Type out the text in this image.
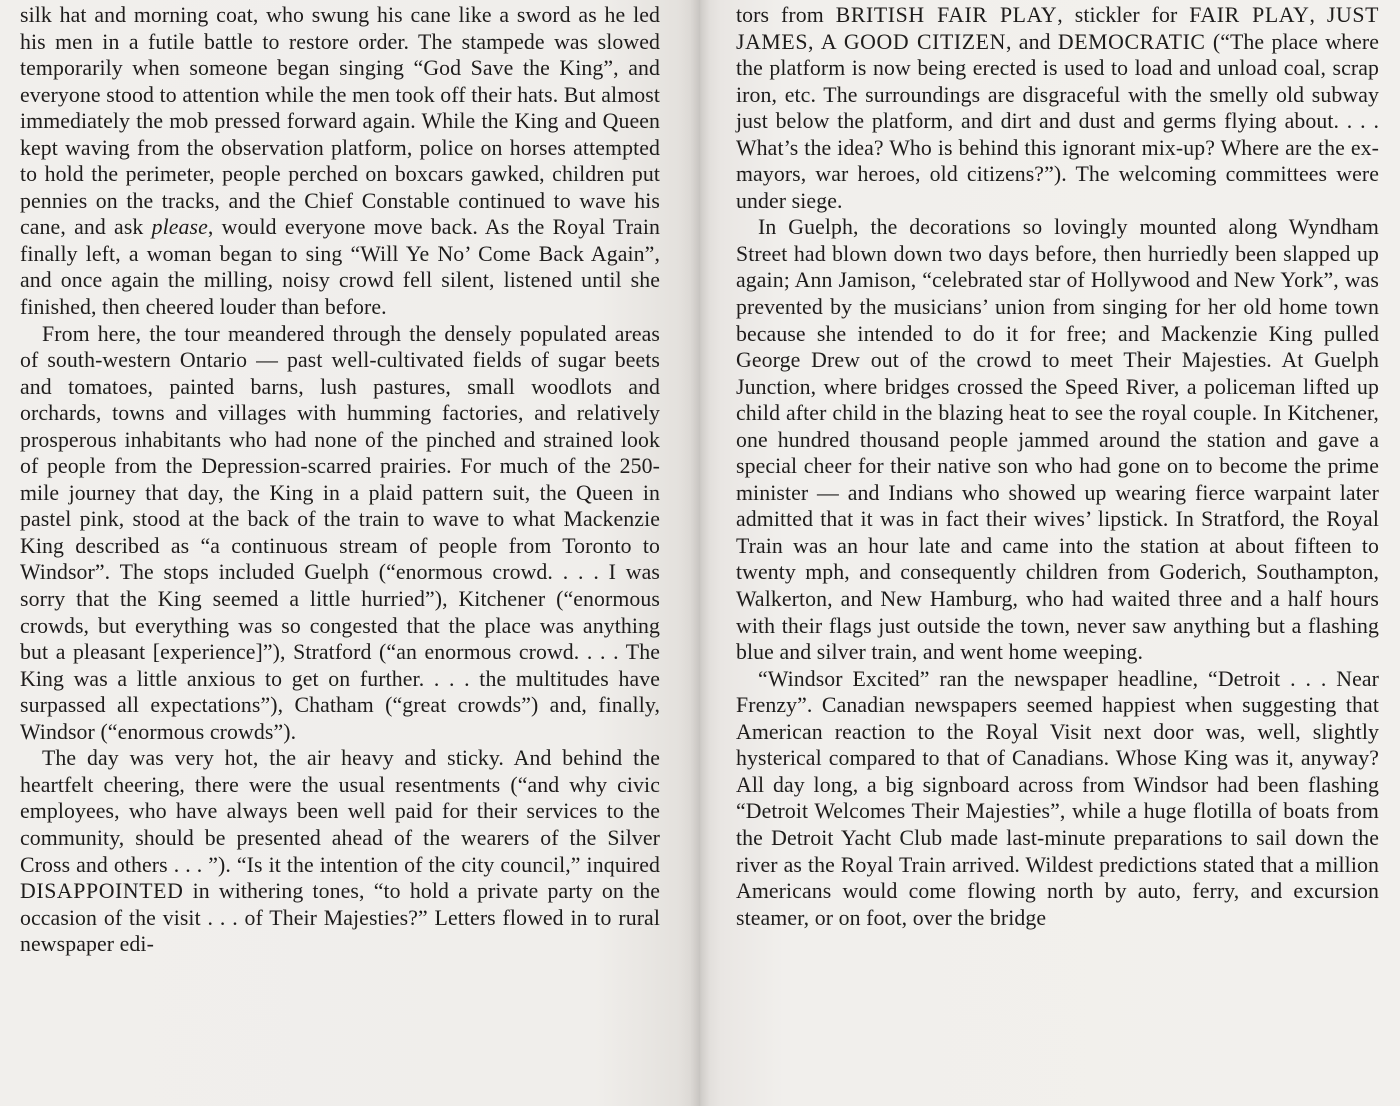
silk hat and morning coat, who swung his cane like a sword as he led his men in a futile battle to restore order. The stampede was slowed temporarily when someone began singing “God Save the King”, and everyone stood to attention while the men took off their hats. But almost immediately the mob pressed forward again. While the King and Queen kept waving from the observation platform, police on horses attempted to hold the perimeter, people perched on boxcars gawked, children put pennies on the tracks, and the Chief Constable continued to wave his cane, and ask please, would everyone move back. As the Royal Train finally left, a woman began to sing “Will Ye No’ Come Back Again”, and once again the milling, noisy crowd fell silent, listened until she finished, then cheered louder than before.

From here, the tour meandered through the densely populated areas of south-western Ontario — past well-cultivated fields of sugar beets and tomatoes, painted barns, lush pastures, small woodlots and orchards, towns and villages with humming factories, and relatively prosperous inhabitants who had none of the pinched and strained look of people from the Depression-scarred prairies. For much of the 250-mile journey that day, the King in a plaid pattern suit, the Queen in pastel pink, stood at the back of the train to wave to what Mackenzie King described as “a continuous stream of people from Toronto to Windsor”. The stops included Guelph (“enormous crowd. . . . I was sorry that the King seemed a little hurried”), Kitchener (“enormous crowds, but everything was so congested that the place was anything but a pleasant [experience]”), Stratford (“an enormous crowd. . . . The King was a little anxious to get on further. . . . the multitudes have surpassed all expectations”), Chatham (“great crowds”) and, finally, Windsor (“enormous crowds”).

The day was very hot, the air heavy and sticky. And behind the heartfelt cheering, there were the usual resentments (“and why civic employees, who have always been well paid for their services to the community, should be presented ahead of the wearers of the Silver Cross and others . . . ”). “Is it the intention of the city council,” inquired DISAPPOINTED in withering tones, “to hold a private party on the occasion of the visit . . . of Their Majesties?” Letters flowed in to rural newspaper edi-

tors from BRITISH FAIR PLAY, stickler for FAIR PLAY, JUST JAMES, A GOOD CITIZEN, and DEMOCRATIC (“The place where the platform is now being erected is used to load and unload coal, scrap iron, etc. The surroundings are disgraceful with the smelly old subway just below the platform, and dirt and dust and germs flying about. . . . What’s the idea? Who is behind this ignorant mix-up? Where are the ex-mayors, war heroes, old citizens?”). The welcoming committees were under siege.

In Guelph, the decorations so lovingly mounted along Wyndham Street had blown down two days before, then hurriedly been slapped up again; Ann Jamison, “celebrated star of Hollywood and New York”, was prevented by the musicians’ union from singing for her old home town because she intended to do it for free; and Mackenzie King pulled George Drew out of the crowd to meet Their Majesties. At Guelph Junction, where bridges crossed the Speed River, a policeman lifted up child after child in the blazing heat to see the royal couple. In Kitchener, one hundred thousand people jammed around the station and gave a special cheer for their native son who had gone on to become the prime minister — and Indians who showed up wearing fierce warpaint later admitted that it was in fact their wives’ lipstick. In Stratford, the Royal Train was an hour late and came into the station at about fifteen to twenty mph, and consequently children from Goderich, Southampton, Walkerton, and New Hamburg, who had waited three and a half hours with their flags just outside the town, never saw anything but a flashing blue and silver train, and went home weeping.

“Windsor Excited” ran the newspaper headline, “Detroit . . . Near Frenzy”. Canadian newspapers seemed happiest when suggesting that American reaction to the Royal Visit next door was, well, slightly hysterical compared to that of Canadians. Whose King was it, anyway? All day long, a big signboard across from Windsor had been flashing “Detroit Welcomes Their Majesties”, while a huge flotilla of boats from the Detroit Yacht Club made last-minute preparations to sail down the river as the Royal Train arrived. Wildest predictions stated that a million Americans would come flowing north by auto, ferry, and excursion steamer, or on foot, over the bridge
